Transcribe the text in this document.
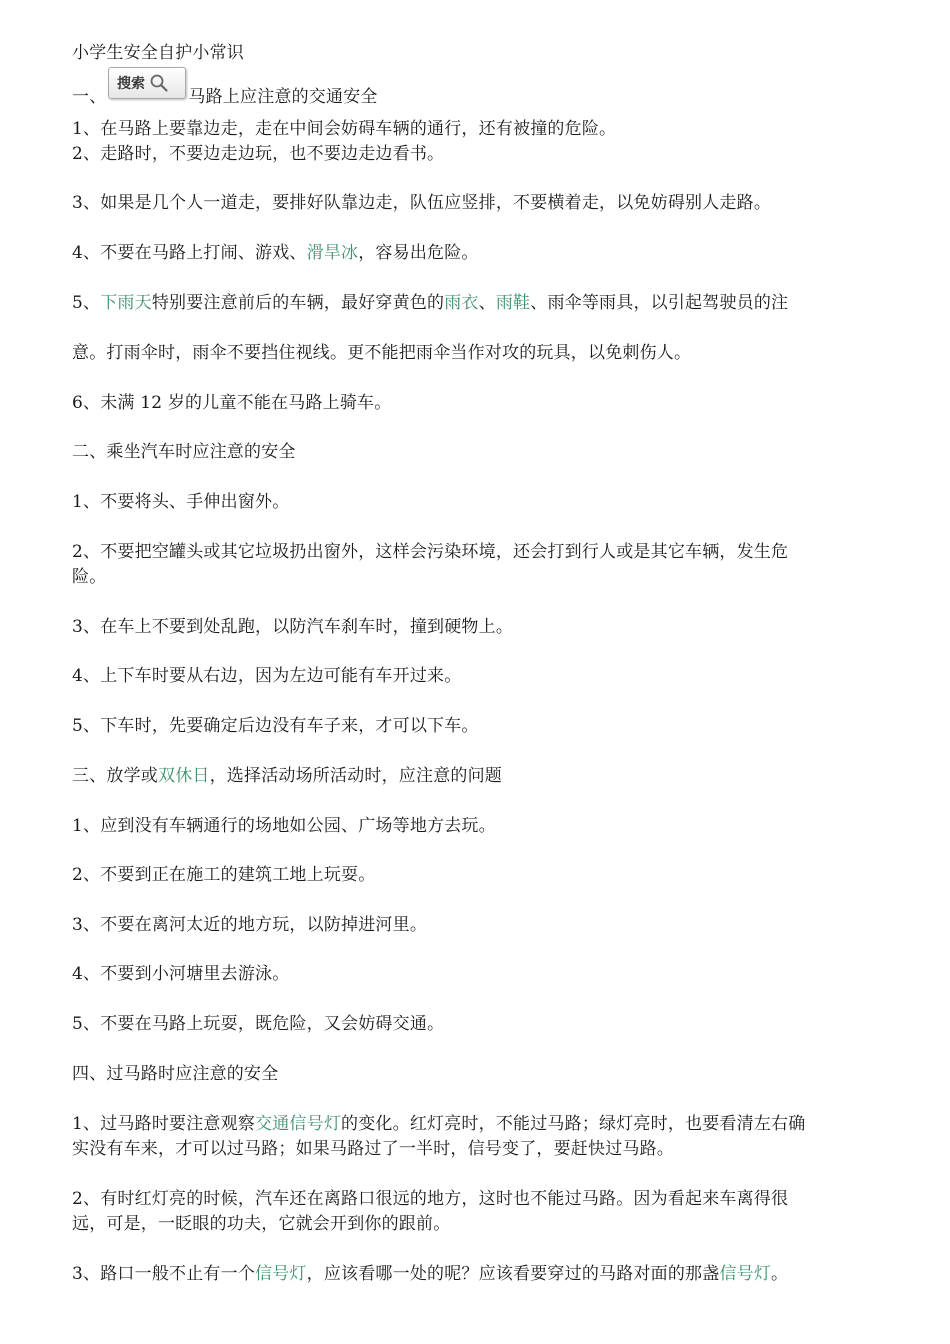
小学生安全自护小常识
一、	马路上应注意的交通安全
1、在马路上要靠边走，走在中间会妨碍车辆的通行，还有被撞的危险。
2、走路时，不要边走边玩，也不要边走边看书。
3、如果是几个人一道走，要排好队靠边走，队伍应竖排，不要横着走，以免妨碍别人走路。
4、不要在马路上打闹、游戏、滑旱冰，容易出危险。
5、下雨天特别要注意前后的车辆，最好穿黄色的雨衣、雨鞋、雨伞等雨具，以引起驾驶员的注
意。打雨伞时，雨伞不要挡住视线。更不能把雨伞当作对攻的玩具，以免刺伤人。
6、未满 12 岁的儿童不能在马路上骑车。
二、乘坐汽车时应注意的安全
1、不要将头、手伸出窗外。
2、不要把空罐头或其它垃圾扔出窗外，这样会污染环境，还会打到行人或是其它车辆，发生危
险。
3、在车上不要到处乱跑，以防汽车刹车时，撞到硬物上。
4、上下车时要从右边，因为左边可能有车开过来。
5、下车时，先要确定后边没有车子来，才可以下车。
三、放学或双休日，选择活动场所活动时，应注意的问题
1、应到没有车辆通行的场地如公园、广场等地方去玩。
2、不要到正在施工的建筑工地上玩耍。
3、不要在离河太近的地方玩，以防掉进河里。
4、不要到小河塘里去游泳。
5、不要在马路上玩耍，既危险，又会妨碍交通。
四、过马路时应注意的安全
1、过马路时要注意观察交通信号灯的变化。红灯亮时，不能过马路；绿灯亮时，也要看清左右确
实没有车来，才可以过马路；如果马路过了一半时，信号变了，要赶快过马路。
2、有时红灯亮的时候，汽车还在离路口很远的地方，这时也不能过马路。因为看起来车离得很
远，可是，一眨眼的功夫，它就会开到你的跟前。
3、路口一般不止有一个信号灯，应该看哪一处的呢？应该看要穿过的马路对面的那盏信号灯。
搜索
